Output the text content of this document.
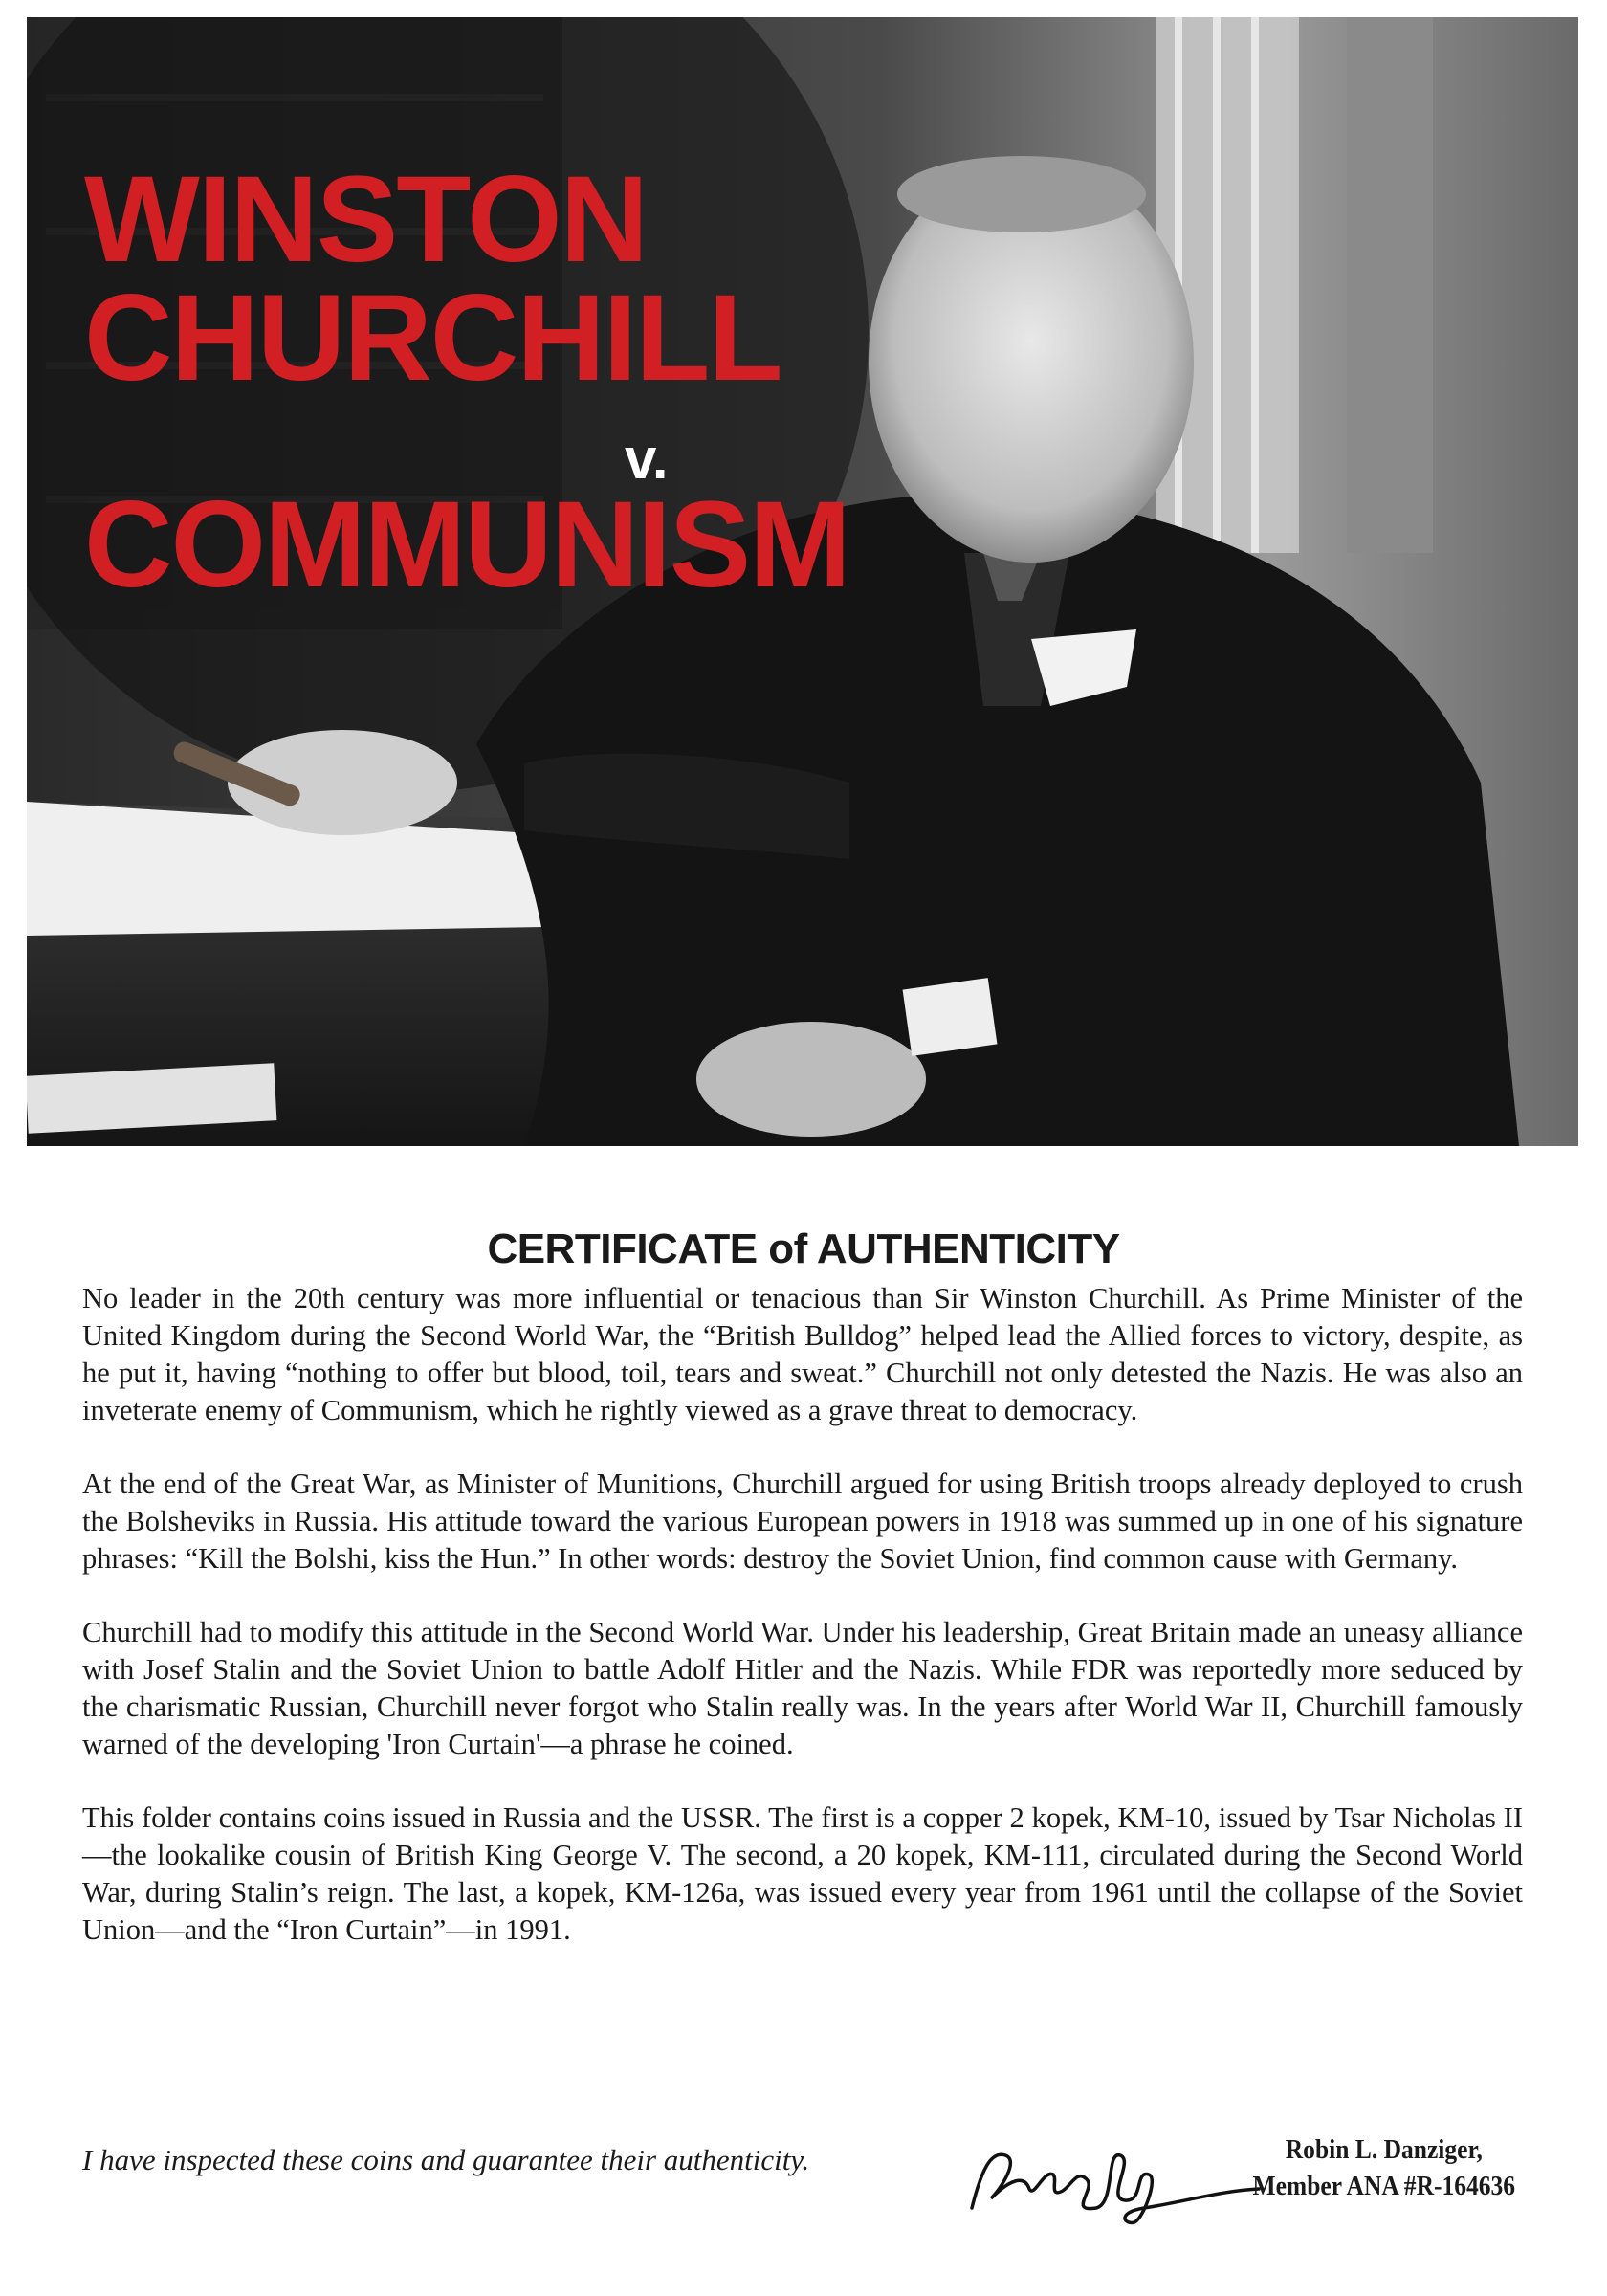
WINSTON
CHURCHILL
v.
COMMUNISM
CERTIFICATE of AUTHENTICITY

No leader in the 20th century was more influential or tenacious than Sir Winston Churchill. As Prime Minister of the United Kingdom during the Second World War, the “British Bulldog” helped lead the Allied forces to victory, despite, as he put it, having “nothing to offer but blood, toil, tears and sweat.” Churchill not only detested the Nazis. He was also an inveterate enemy of Communism, which he rightly viewed as a grave threat to democracy.

At the end of the Great War, as Minister of Munitions, Churchill argued for using British troops already deployed to crush the Bolsheviks in Russia. His attitude toward the various European powers in 1918 was summed up in one of his signature phrases: “Kill the Bolshi, kiss the Hun.” In other words: destroy the Soviet Union, find common cause with Germany.

Churchill had to modify this attitude in the Second World War. Under his leadership, Great Britain made an uneasy alliance with Josef Stalin and the Soviet Union to battle Adolf Hitler and the Nazis. While FDR was reportedly more seduced by the charismatic Russian, Churchill never forgot who Stalin really was. In the years after World War II, Churchill famously warned of the developing 'Iron Curtain'—a phrase he coined.

This folder contains coins issued in Russia and the USSR. The first is a copper 2 kopek, KM-10, issued by Tsar Nicholas II—the lookalike cousin of British King George V. The second, a 20 kopek, KM-111, circulated during the Second World War, during Stalin’s reign. The last, a kopek, KM-126a, was issued every year from 1961 until the collapse of the Soviet Union—and the “Iron Curtain”—in 1991.

I have inspected these coins and guarantee their authenticity.	Robin L. Danziger,
Member ANA #R-164636
